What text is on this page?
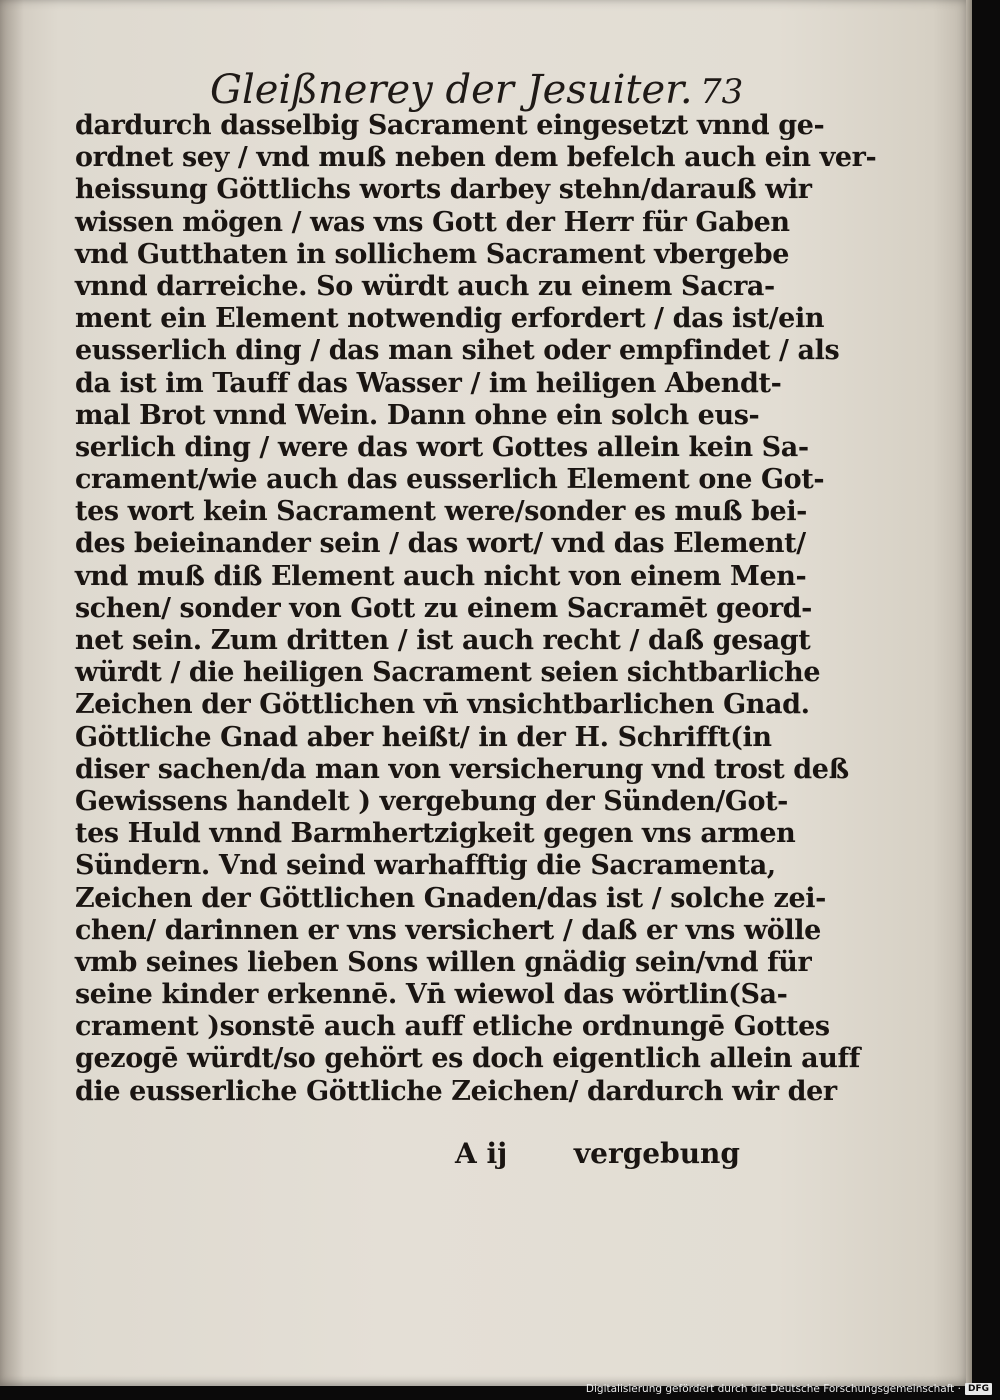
Gleißnerey der Jesuiter. 73
dardurch dasselbig Sacrament eingesetzt vnnd ge-
ordnet sey / vnd muß neben dem befelch auch ein ver-
heissung Göttlichs worts darbey stehn/darauß wir
wissen mögen / was vns Gott der Herr für Gaben
vnd Gutthaten in sollichem Sacrament vbergebe
vnnd darreiche. So würdt auch zu einem Sacra-
ment ein Element notwendig erfordert / das ist/ein
eusserlich ding / das man sihet oder empfindet / als
da ist im Tauff das Wasser / im heiligen Abendt-
mal Brot vnnd Wein. Dann ohne ein solch eus-
serlich ding / were das wort Gottes allein kein Sa-
crament/wie auch das eusserlich Element one Got-
tes wort kein Sacrament were/sonder es muß bei-
des beieinander sein / das wort/ vnd das Element/
vnd muß diß Element auch nicht von einem Men-
schen/ sonder von Gott zu einem Sacramēt geord-
net sein. Zum dritten / ist auch recht / daß gesagt
würdt / die heiligen Sacrament seien sichtbarliche
Zeichen der Göttlichen vn̄ vnsichtbarlichen Gnad.
Göttliche Gnad aber heißt/ in der H. Schrifft(in
diser sachen/da man von versicherung vnd trost deß
Gewissens handelt ) vergebung der Sünden/Got-
tes Huld vnnd Barmhertzigkeit gegen vns armen
Sündern. Vnd seind warhafftig die Sacramenta,
Zeichen der Göttlichen Gnaden/das ist / solche zei-
chen/ darinnen er vns versichert / daß er vns wölle
vmb seines lieben Sons willen gnädig sein/vnd für
seine kinder erkennē. Vn̄ wiewol das wörtlin(Sa-
crament )sonstē auch auff etliche ordnungē Gottes
gezogē würdt/so gehört es doch eigentlich allein auff
die eusserliche Göttliche Zeichen/ dardurch wir der
A ij vergebung
Digitalisierung gefördert durch die Deutsche Forschungsgemeinschaft · DFG
